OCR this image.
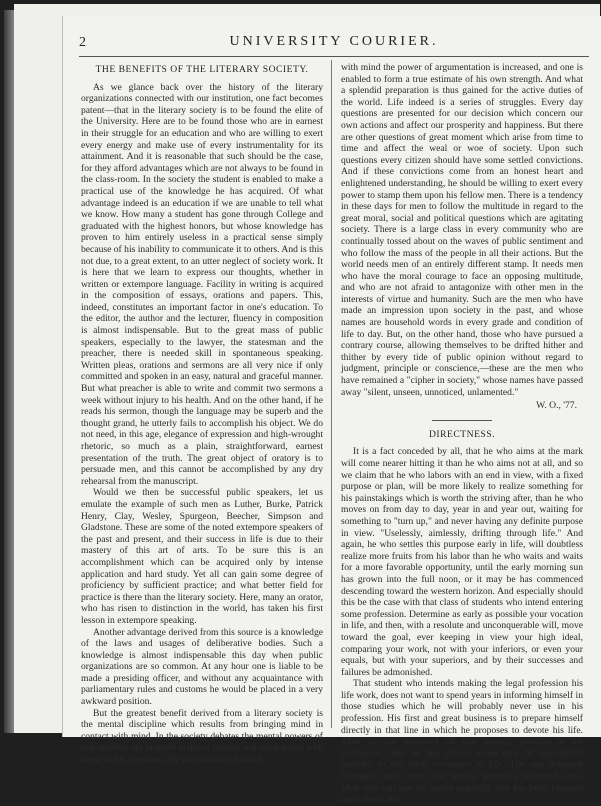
2	UNIVERSITY COURIER.
THE BENEFITS OF THE LITERARY SOCIETY.

As we glance back over the history of the literary organizations connected with our institution, one fact becomes patent—that in the literary society is to be found the elite of the University. Here are to be found those who are in earnest in their struggle for an education and who are willing to exert every energy and make use of every instrumentality for its attainment. And it is reasonable that such should be the case, for they afford advantages which are not always to be found in the class-room. In the society the student is enabled to make a practical use of the knowledge he has acquired. Of what advantage indeed is an education if we are unable to tell what we know. How many a student has gone through College and graduated with the highest honors, but whose knowledge has proven to him entirely useless in a practical sense simply because of his inability to communicate it to others. And is this not due, to a great extent, to an utter neglect of society work. It is here that we learn to express our thoughts, whether in written or extempore language. Facility in writing is acquired in the composition of essays, orations and papers. This, indeed, constitutes an important factor in one's education. To the editor, the author and the lecturer, fluency in composition is almost indispensable. But to the great mass of public speakers, especially to the lawyer, the statesman and the preacher, there is needed skill in spontaneous speaking. Written pleas, orations and sermons are all very nice if only committed and spoken in an easy, natural and graceful manner. But what preacher is able to write and commit two sermons a week without injury to his health. And on the other hand, if he reads his sermon, though the language may be superb and the thought grand, he utterly fails to accomplish his object. We do not need, in this age, elegance of expression and high-wrought rhetoric, so much as a plain, straightforward, earnest presentation of the truth. The great object of oratory is to persuade men, and this cannot be accomplished by any dry rehearsal from the manuscript.

Would we then be successful public speakers, let us emulate the example of such men as Luther, Burke, Patrick Henry, Clay, Wesley, Spurgeon, Beecher, Simpson and Gladstone. These are some of the noted extempore speakers of the past and present, and their success in life is due to their mastery of this art of arts. To be sure this is an accomplishment which can be acquired only by intense application and hard study. Yet all can gain some degree of proficiency by sufficient practice; and what better field for practice is there than the literary society. Here, many an orator, who has risen to distinction in the world, has taken his first lesson in extempore speaking.

Another advantage derived from this source is a knowledge of the laws and usages of deliberative bodies. Such a knowledge is almost indispensable this day when public organizations are so common. At any hour one is liable to be made a presiding officer, and without any acquaintance with parliamentary rules and customs he would be placed in a very awkward position.

But the greatest benefit derived from a literary society is the mental discipline which results from bringing mind in contact with mind. In the society debates the mental powers of one member are brought in direct contact and comparison with those of his opponent. By this attrition of mind

with mind the power of argumentation is increased, and one is enabled to form a true estimate of his own strength. And what a splendid preparation is thus gained for the active duties of the world. Life indeed is a series of struggles. Every day questions are presented for our decision which concern our own actions and affect our prosperity and happiness. But there are other questions of great moment which arise from time to time and affect the weal or woe of society. Upon such questions every citizen should have some settled convictions. And if these convictions come from an honest heart and enlightened understanding, he should be willing to exert every power to stamp them upon his fellow men. There is a tendency in these days for men to follow the multitude in regard to the great moral, social and political questions which are agitating society. There is a large class in every community who are continually tossed about on the waves of public sentiment and who follow the mass of the people in all their actions. But the world needs men of an entirely different stamp. It needs men who have the moral courage to face an opposing multitude, and who are not afraid to antagonize with other men in the interests of virtue and humanity. Such are the men who have made an impression upon society in the past, and whose names are household words in every grade and condition of life to day. But, on the other hand, those who have pursued a contrary course, allowing themselves to be drifted hither and thither by every tide of public opinion without regard to judgment, principle or conscience,—these are the men who have remained a "cipher in society," whose names have passed away "silent, unseen, unnoticed, unlamented."

W. O., '77.
DIRECTNESS.

It is a fact conceded by all, that he who aims at the mark will come nearer hitting it than he who aims not at all, and so we claim that he who labors with an end in view, with a fixed purpose or plan, will be more likely to realize something for his painstakings which is worth the striving after, than he who moves on from day to day, year in and year out, waiting for something to "turn up," and never having any definite purpose in view. "Uselessly, aimlessly, drifting through life." And again, he who settles this purpose early in life, will doubtless realize more fruits from his labor than he who waits and waits for a more favorable opportunity, until the early morning sun has grown into the full noon, or it may be has commenced descending toward the western horizon. And especially should this be the case with that class of students who intend entering some profession. Determine as early as possible your vocation in life, and then, with a resolute and unconquerable will, move toward the goal, ever keeping in view your high ideal, comparing your work, not with your inferiors, or even your equals, but with your superiors, and by their successes and failures be admonished.

That student who intends making the legal profession his life work, does not want to spend years in informing himself in those studies which he will probably never use in his profession. His first and great business is to prepare himself directly in that line in which he proposes to devote his life. After he has mastered all that directly pertains to his profession, then let him devote some time, if opportunity permits, to the other vocations in life. The age demands thorough men, more than simply generally informed ones. Men who can use the armor manfully that has been fastened upon them. By
